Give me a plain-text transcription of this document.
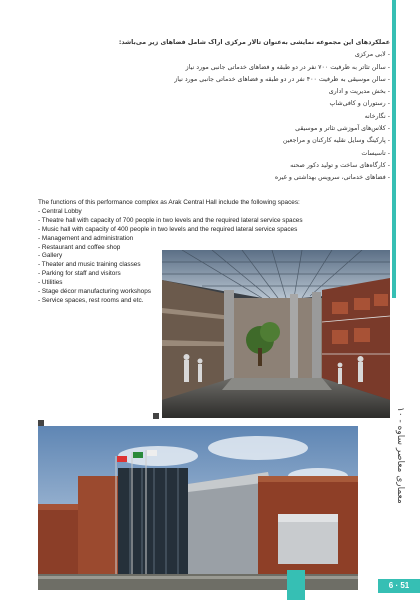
معماری معاصر ساوه - ۱۰
عملکردهای این مجموعه نمایشی به‌عنوان تالار مرکزی اراک شامل فضاهای زیر می‌باشد:
- لابی مرکزی
- سالن تئاتر به ظرفیت ۷۰۰ نفر در دو طبقه و فضاهای خدماتی جانبی مورد نیاز
- سالن موسیقی به ظرفیت ۴۰۰ نفر در دو طبقه و فضاهای خدماتی جانبی مورد نیاز
- بخش مدیریت و اداری
- رستوران و کافی‌شاپ
- نگارخانه
- کلاس‌های آموزشی تئاتر و موسیقی
- پارکینگ وسایل نقلیه کارکنان و مراجعین
- تاسیسات
- کارگاه‌های ساخت و تولید دکور صحنه
- فضاهای خدماتی، سرویس بهداشتی و غیره
The functions of this performance complex as Arak Central Hall include the following spaces:
- Central Lobby
- Theatre hall with capacity of 700 people in two levels and the required lateral service spaces
- Music hall with capacity of 400 people in two levels and the required lateral service spaces
- Management and administration
- Restaurant and coffee shop
- Gallery
- Theater and music training classes
- Parking for staff and visitors
- Utilities
- Stage décor manufacturing workshops
- Service spaces, rest rooms and etc.
6 · 51
